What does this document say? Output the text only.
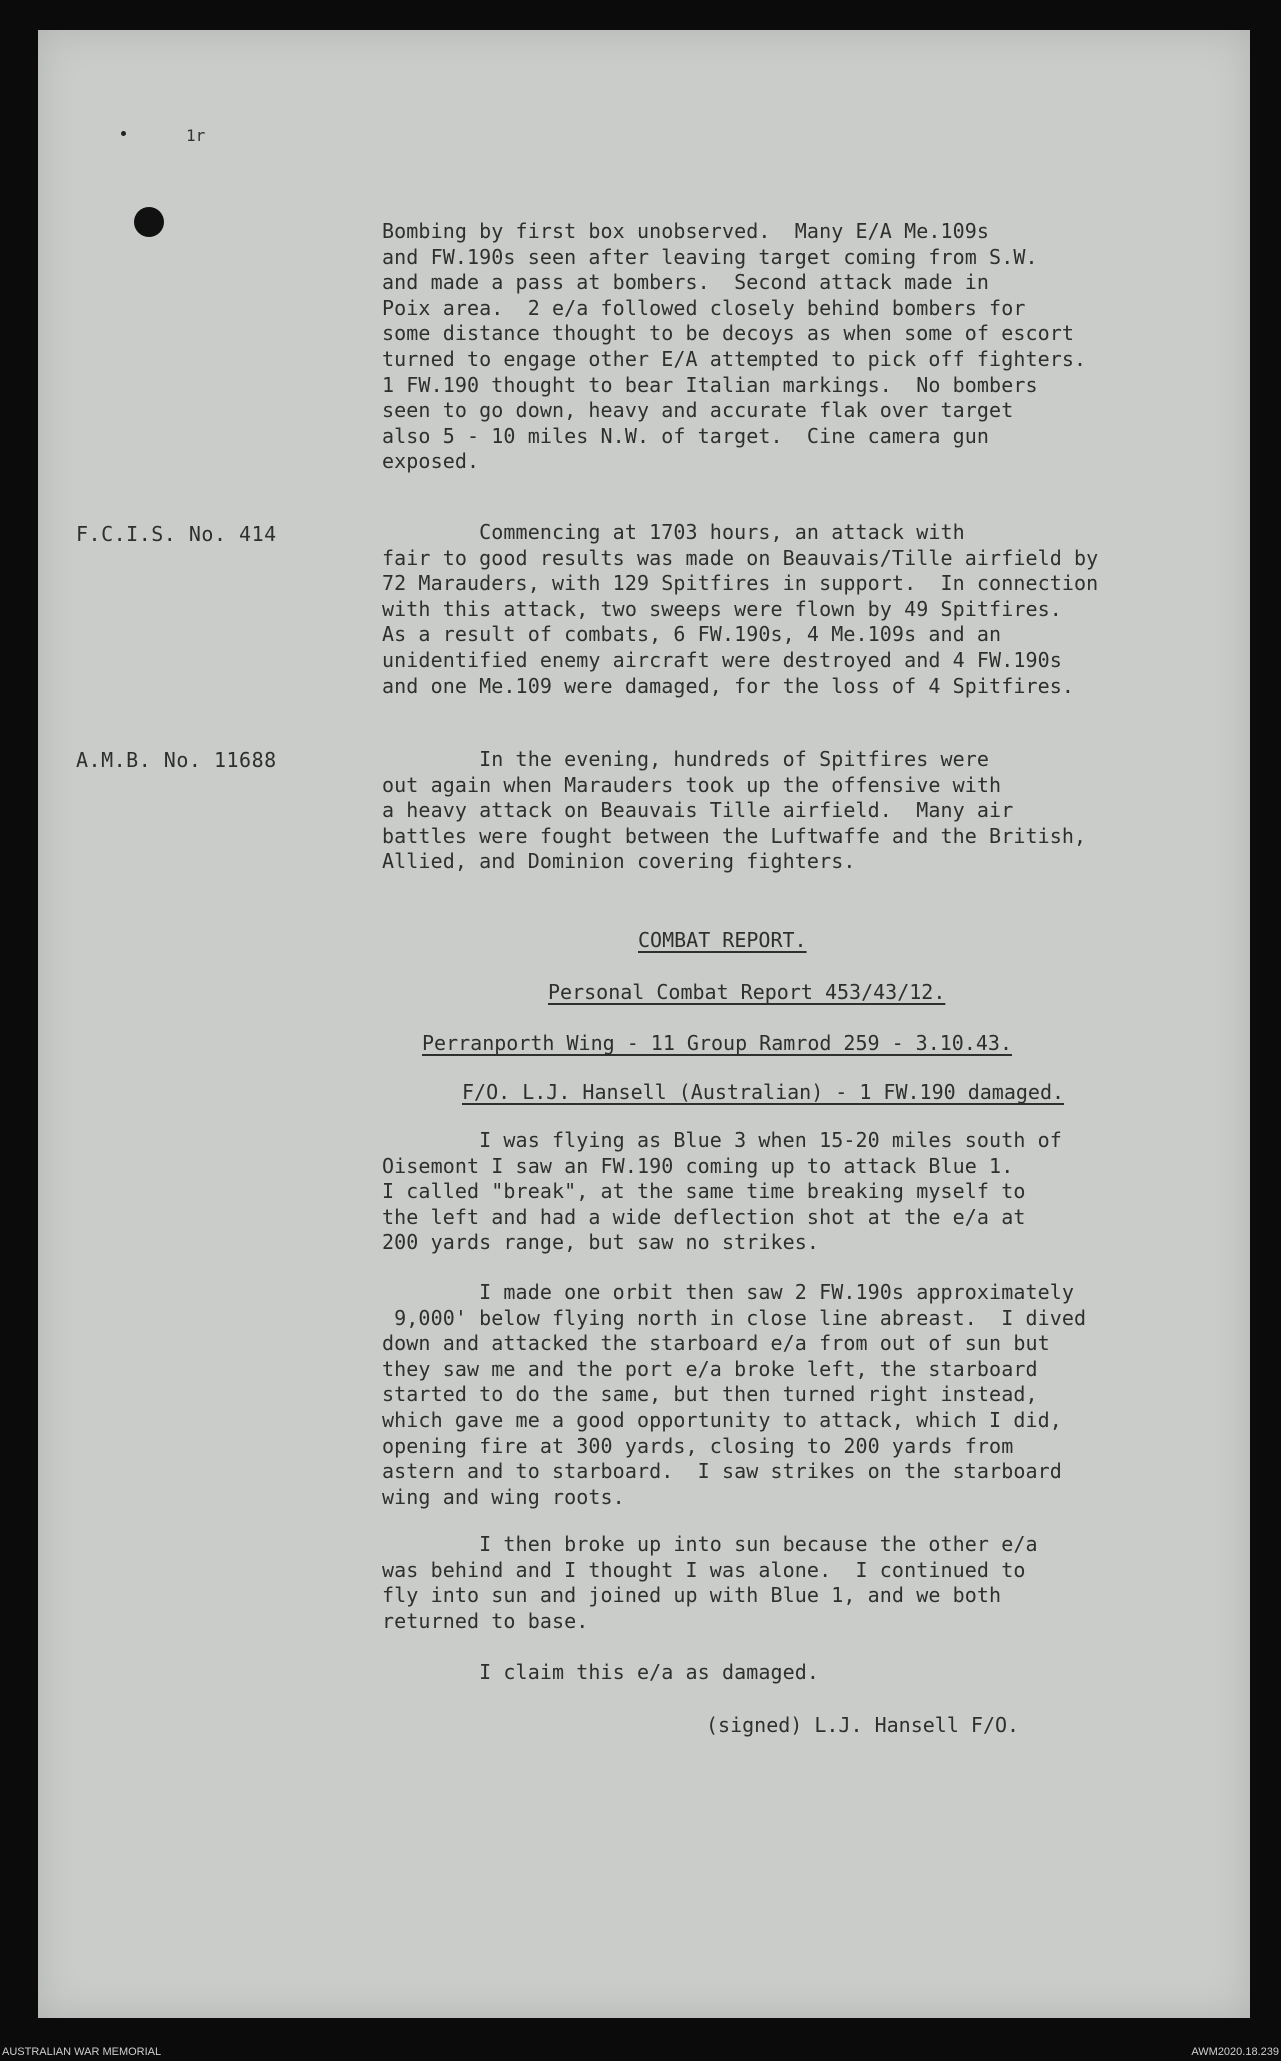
1r
Bombing by first box unobserved.  Many E/A Me.109s
and FW.190s seen after leaving target coming from S.W.
and made a pass at bombers.  Second attack made in
Poix area.  2 e/a followed closely behind bombers for
some distance thought to be decoys as when some of escort
turned to engage other E/A attempted to pick off fighters.
1 FW.190 thought to bear Italian markings.  No bombers
seen to go down, heavy and accurate flak over target
also 5 - 10 miles N.W. of target.  Cine camera gun
exposed.
F.C.I.S. No. 414	Commencing at 1703 hours, an attack with
fair to good results was made on Beauvais/Tille airfield by
72 Marauders, with 129 Spitfires in support.  In connection
with this attack, two sweeps were flown by 49 Spitfires.
As a result of combats, 6 FW.190s, 4 Me.109s and an
unidentified enemy aircraft were destroyed and 4 FW.190s
and one Me.109 were damaged, for the loss of 4 Spitfires.
A.M.B. No. 11688	In the evening, hundreds of Spitfires were
out again when Marauders took up the offensive with
a heavy attack on Beauvais Tille airfield.  Many air
battles were fought between the Luftwaffe and the British,
Allied, and Dominion covering fighters.
COMBAT REPORT.
Personal Combat Report 453/43/12.
Perranporth Wing - 11 Group Ramrod 259 - 3.10.43.
F/O. L.J. Hansell (Australian) - 1 FW.190 damaged.
I was flying as Blue 3 when 15-20 miles south of
Oisemont I saw an FW.190 coming up to attack Blue 1.
I called "break", at the same time breaking myself to
the left and had a wide deflection shot at the e/a at
200 yards range, but saw no strikes.
I made one orbit then saw 2 FW.190s approximately
9,000' below flying north in close line abreast.  I dived
down and attacked the starboard e/a from out of sun but
they saw me and the port e/a broke left, the starboard
started to do the same, but then turned right instead,
which gave me a good opportunity to attack, which I did,
opening fire at 300 yards, closing to 200 yards from
astern and to starboard.  I saw strikes on the starboard
wing and wing roots.
I then broke up into sun because the other e/a
was behind and I thought I was alone.  I continued to
fly into sun and joined up with Blue 1, and we both
returned to base.
I claim this e/a as damaged.
(signed) L.J. Hansell F/O.
AUSTRALIAN WAR MEMORIAL	AWM2020.18.239
